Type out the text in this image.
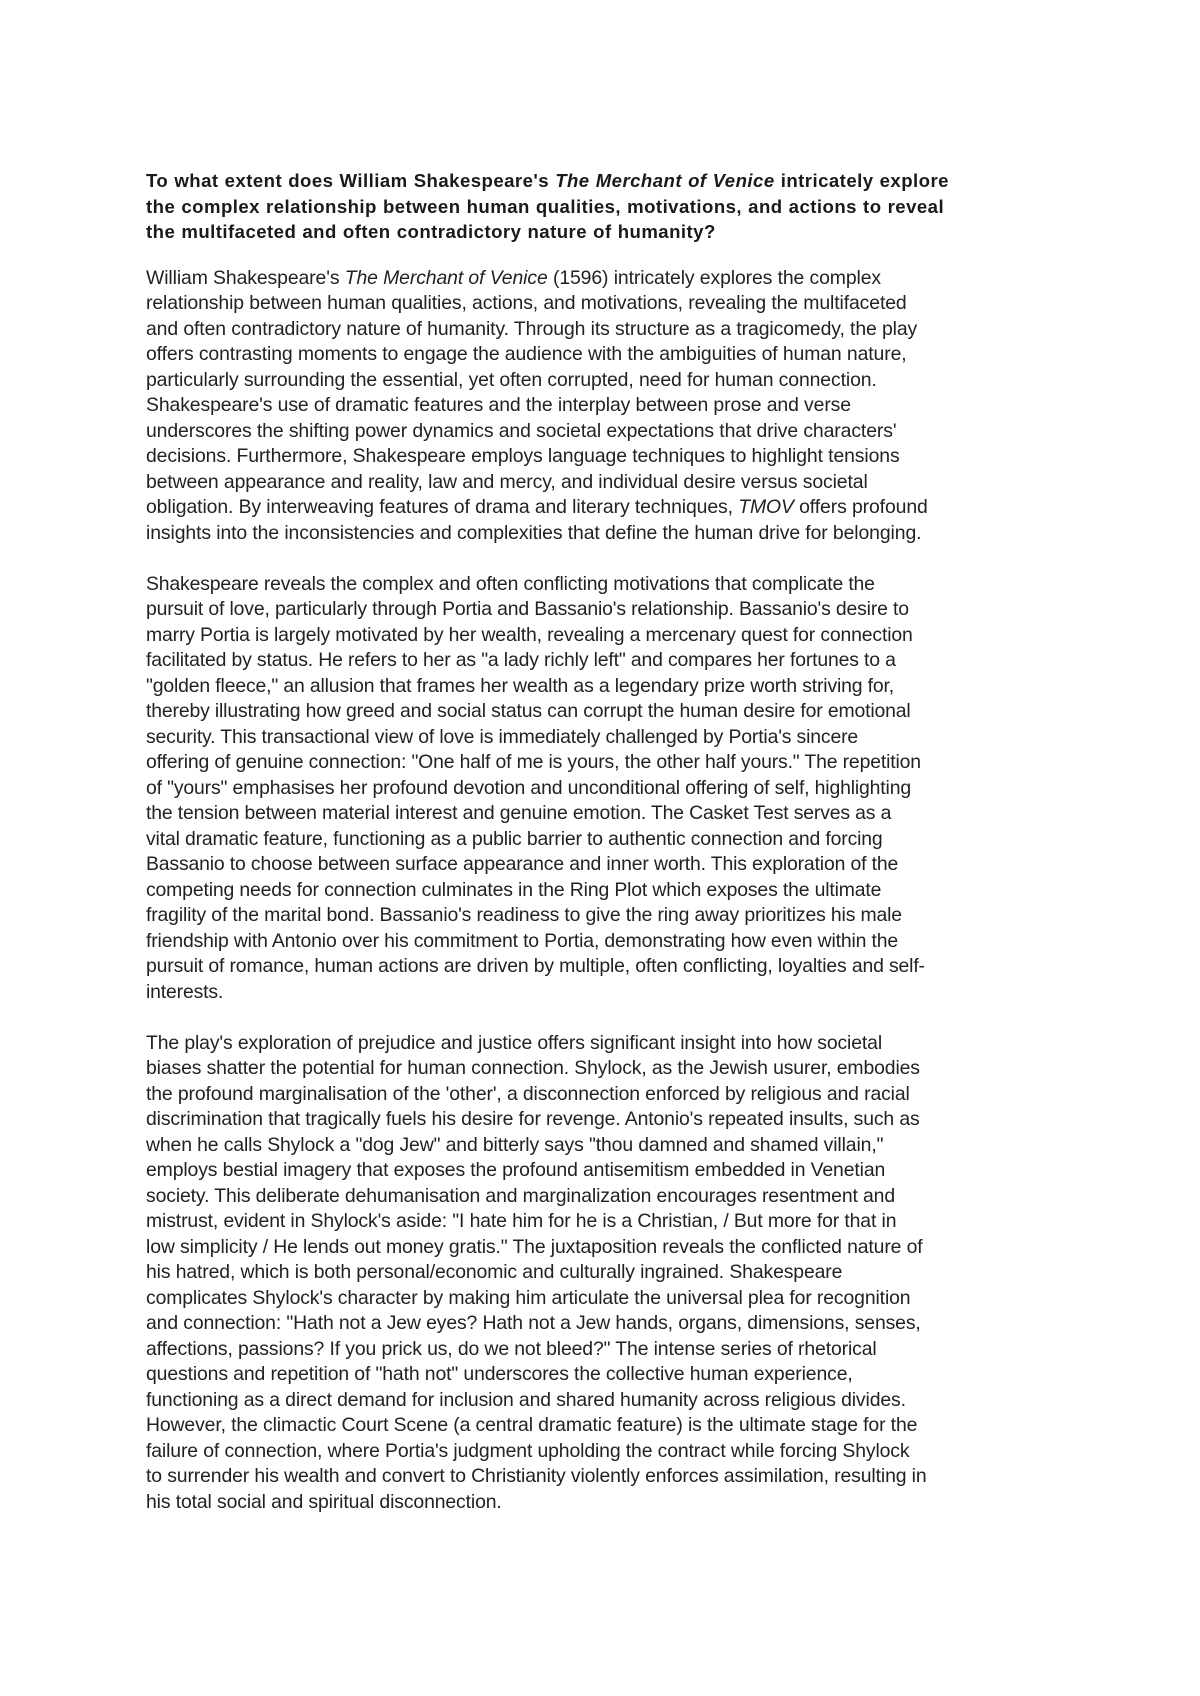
To what extent does William Shakespeare's The Merchant of Venice intricately explore
the complex relationship between human qualities, motivations, and actions to reveal
the multifaceted and often contradictory nature of humanity?
William Shakespeare's The Merchant of Venice (1596) intricately explores the complex
relationship between human qualities, actions, and motivations, revealing the multifaceted
and often contradictory nature of humanity. Through its structure as a tragicomedy, the play
offers contrasting moments to engage the audience with the ambiguities of human nature,
particularly surrounding the essential, yet often corrupted, need for human connection.
Shakespeare's use of dramatic features and the interplay between prose and verse
underscores the shifting power dynamics and societal expectations that drive characters'
decisions. Furthermore, Shakespeare employs language techniques to highlight tensions
between appearance and reality, law and mercy, and individual desire versus societal
obligation. By interweaving features of drama and literary techniques, TMOV offers profound
insights into the inconsistencies and complexities that define the human drive for belonging.
Shakespeare reveals the complex and often conflicting motivations that complicate the
pursuit of love, particularly through Portia and Bassanio's relationship. Bassanio's desire to
marry Portia is largely motivated by her wealth, revealing a mercenary quest for connection
facilitated by status. He refers to her as "a lady richly left" and compares her fortunes to a
"golden fleece," an allusion that frames her wealth as a legendary prize worth striving for,
thereby illustrating how greed and social status can corrupt the human desire for emotional
security. This transactional view of love is immediately challenged by Portia's sincere
offering of genuine connection: "One half of me is yours, the other half yours." The repetition
of "yours" emphasises her profound devotion and unconditional offering of self, highlighting
the tension between material interest and genuine emotion. The Casket Test serves as a
vital dramatic feature, functioning as a public barrier to authentic connection and forcing
Bassanio to choose between surface appearance and inner worth. This exploration of the
competing needs for connection culminates in the Ring Plot which exposes the ultimate
fragility of the marital bond. Bassanio's readiness to give the ring away prioritizes his male
friendship with Antonio over his commitment to Portia, demonstrating how even within the
pursuit of romance, human actions are driven by multiple, often conflicting, loyalties and self-
interests.
The play's exploration of prejudice and justice offers significant insight into how societal
biases shatter the potential for human connection. Shylock, as the Jewish usurer, embodies
the profound marginalisation of the 'other', a disconnection enforced by religious and racial
discrimination that tragically fuels his desire for revenge. Antonio's repeated insults, such as
when he calls Shylock a "dog Jew" and bitterly says "thou damned and shamed villain,"
employs bestial imagery that exposes the profound antisemitism embedded in Venetian
society. This deliberate dehumanisation and marginalization encourages resentment and
mistrust, evident in Shylock's aside: "I hate him for he is a Christian, / But more for that in
low simplicity / He lends out money gratis." The juxtaposition reveals the conflicted nature of
his hatred, which is both personal/economic and culturally ingrained. Shakespeare
complicates Shylock's character by making him articulate the universal plea for recognition
and connection: "Hath not a Jew eyes? Hath not a Jew hands, organs, dimensions, senses,
affections, passions? If you prick us, do we not bleed?" The intense series of rhetorical
questions and repetition of "hath not" underscores the collective human experience,
functioning as a direct demand for inclusion and shared humanity across religious divides.
However, the climactic Court Scene (a central dramatic feature) is the ultimate stage for the
failure of connection, where Portia's judgment upholding the contract while forcing Shylock
to surrender his wealth and convert to Christianity violently enforces assimilation, resulting in
his total social and spiritual disconnection.
